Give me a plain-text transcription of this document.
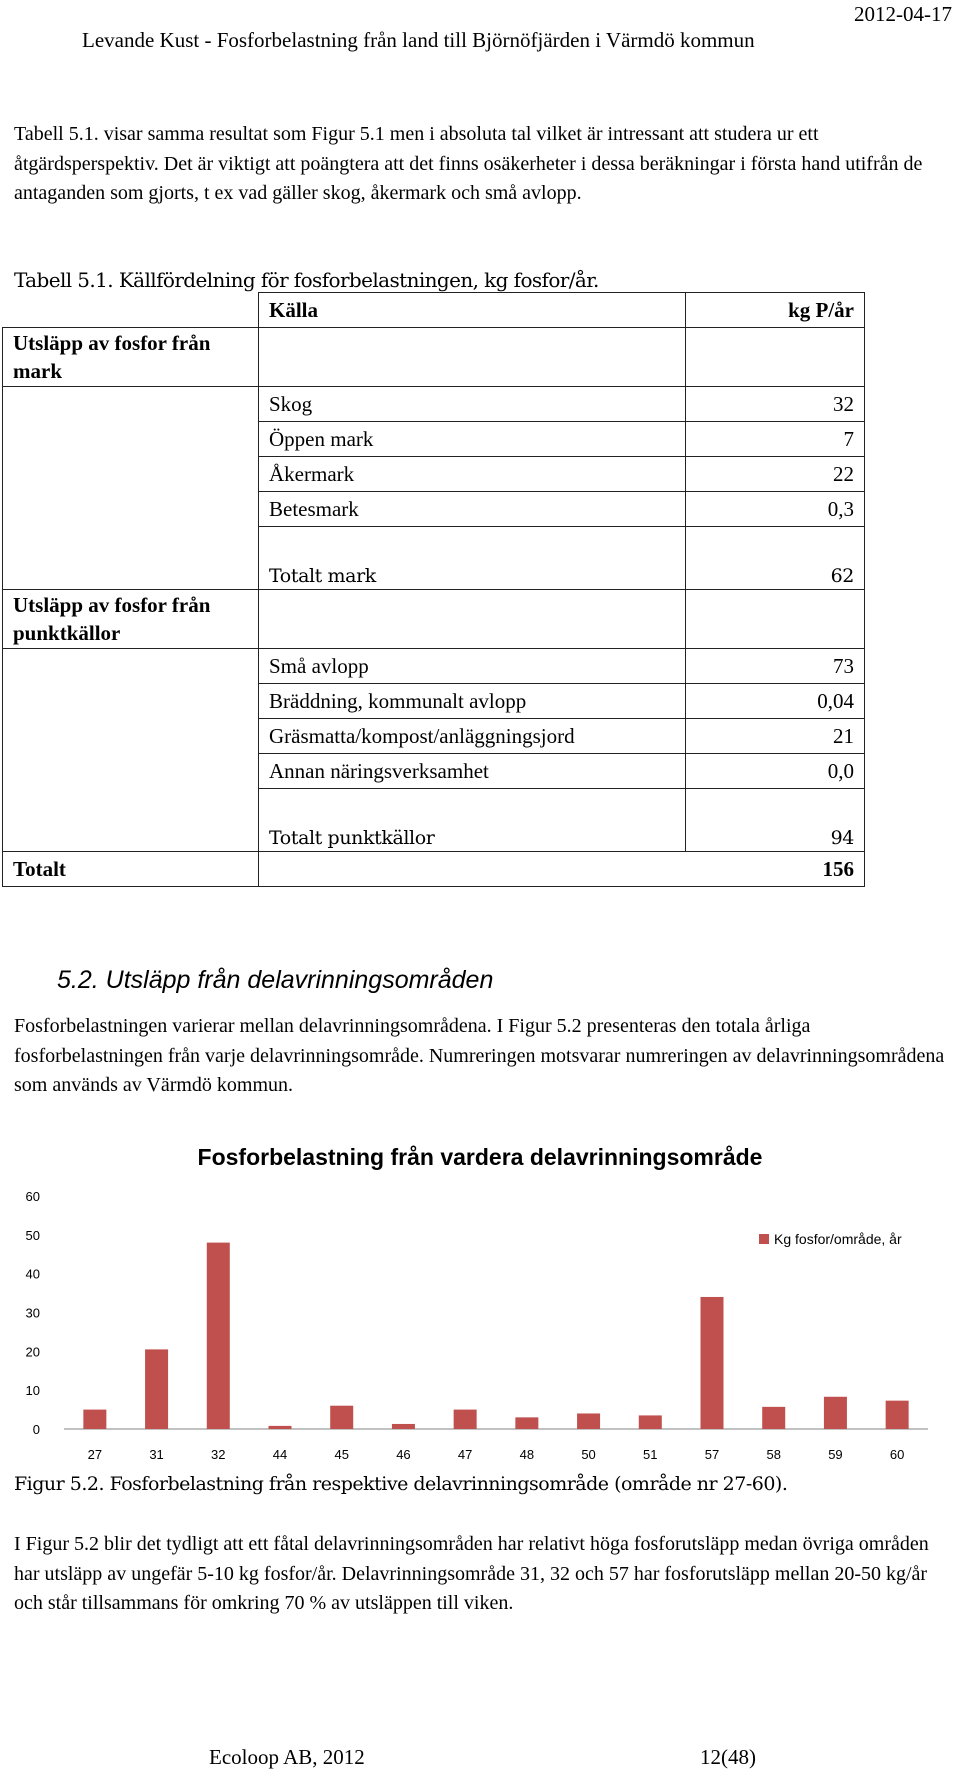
2012-04-17
Levande Kust - Fosforbelastning från land till Björnöfjärden i Värmdö kommun

Tabell 5.1. visar samma resultat som Figur 5.1 men i absoluta tal vilket är intressant att studera ur ett åtgärdsperspektiv. Det är viktigt att poängtera att det finns osäkerheter i dessa beräkningar i första hand utifrån de antaganden som gjorts, t ex vad gäller skog, åkermark och små avlopp.

Tabell 5.1. Källfördelning för fosforbelastningen, kg fosfor/år.
	Källa	kg P/år
Utsläpp av fosfor från mark		
	Skog	32
	Öppen mark	7
	Åkermark	22
	Betesmark	0,3
	Totalt mark	62
Utsläpp av fosfor från punktkällor		
	Små avlopp	73
	Bräddning, kommunalt avlopp	0,04
	Gräsmatta/kompost/anläggningsjord	21
	Annan näringsverksamhet	0,0
	Totalt punktkällor	94
Totalt		156
5.2. Utsläpp från delavrinningsområden

Fosforbelastningen varierar mellan delavrinningsområdena. I Figur 5.2 presenteras den totala årliga fosforbelastningen från varje delavrinningsområde. Numreringen motsvarar numreringen av delavrinningsområdena som används av Värmdö kommun.

Fosforbelastning från vardera delavrinningsområde
0
10
20
30
40
50
60
27	31	32	44	45	46	47	48	50	51	57	58	59	60
Kg fosfor/område, år
Figur 5.2. Fosforbelastning från respektive delavrinningsområde (område nr 27-60).

I Figur 5.2 blir det tydligt att ett fåtal delavrinningsområden har relativt höga fosforutsläpp medan övriga områden har utsläpp av ungefär 5-10 kg fosfor/år. Delavrinningsområde 31, 32 och 57 har fosforutsläpp mellan 20-50 kg/år och står tillsammans för omkring 70 % av utsläppen till viken.

Ecoloop AB, 2012	12(48)
